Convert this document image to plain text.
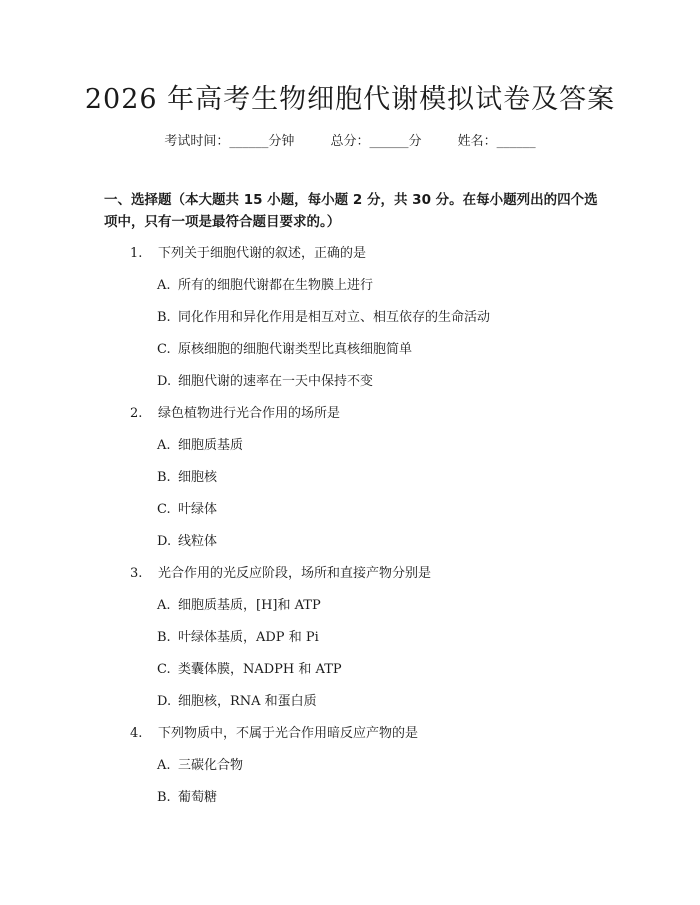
2026 年高考生物细胞代谢模拟试卷及答案
考试时间：______分钟	总分：______分	姓名：______
一、选择题（本大题共 15 小题，每小题 2 分，共 30 分。在每小题列出的四个选项中，只有一项是最符合题目要求的。）
1. 下列关于细胞代谢的叙述，正确的是
A. 所有的细胞代谢都在生物膜上进行
B. 同化作用和异化作用是相互对立、相互依存的生命活动
C. 原核细胞的细胞代谢类型比真核细胞简单
D. 细胞代谢的速率在一天中保持不变
2. 绿色植物进行光合作用的场所是
A. 细胞质基质
B. 细胞核
C. 叶绿体
D. 线粒体
3. 光合作用的光反应阶段，场所和直接产物分别是
A. 细胞质基质，[H]和 ATP
B. 叶绿体基质，ADP 和 Pi
C. 类囊体膜，NADPH 和 ATP
D. 细胞核，RNA 和蛋白质
4. 下列物质中，不属于光合作用暗反应产物的是
A. 三碳化合物
B. 葡萄糖
